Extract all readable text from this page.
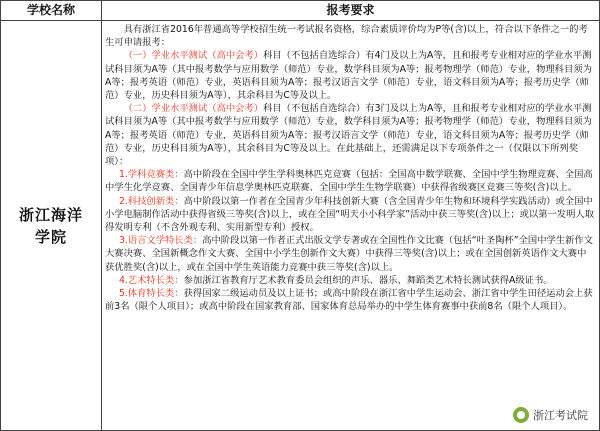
学校名称	报考要求
浙江海洋学院

具有浙江省2016年普通高等学校招生统一考试报名资格，综合素质评价均为P等(含)以上，符合以下条件之一的考生可申请报考：

（一）学业水平测试（高中会考）科目（不包括自选综合）有4门及以上为A等，且和报考专业相对应的学业水平测试科目须为A等（其中报考数学与应用数学（师范）专业，数学科目须为A等；报考物理学（师范）专业，物理科目须为A等；报考英语（师范）专业，英语科目须为A等；报考汉语言文学（师范）专业，语文科目须为A等；报考历史学（师范）专业，历史科目须为A等），其余科目为C等及以上。

（二）学业水平测试（高中会考）科目（不包括自选综合）有3门及以上为A等，且和报考专业相对应的学业水平测试科目须为A等（其中报考数学与应用数学（师范）专业，数学科目须为A等；报考物理学（师范）专业，物理科目须为A等；报考英语（师范）专业，英语科目须为A等；报考汉语言文学（师范）专业，语文科目须为A等；报考历史学（师范）专业，历史科目须为A等），其余科目为C等及以上。在此基础上，还需满足以下专项条件之一（仅限以下所列奖项）：

1.学科竞赛类：高中阶段在全国中学生学科奥林匹克竞赛（包括：全国高中数学联赛、全国中学生物理竞赛、全国高中学生化学竞赛、全国青少年信息学奥林匹克联赛、全国中学生生物学联赛）中获得省级赛区竞赛三等奖(含)以上。

2.科技创新类：高中阶段以第一作者在全国青少年科技创新大赛（含全国青少年生物和环境科学实践活动）或全国中小学电脑制作活动中获得省级三等奖(含)以上，或在全国“明天小小科学家”活动中获三等奖(含)以上；或以第一发明人取得发明专利（不含外观专利、实用新型专利）授权。

3.语言文学特长类：高中阶段以第一作者正式出版文学专著或在全国性作文比赛（包括“叶圣陶杯”全国中学生新作文大赛决赛、全国新概念作文大赛、全国中小学生创新作文大赛）中获得三等奖(含)以上；或在全国创新英语作文大赛中获优胜奖(含)以上，或在全国中学生英语能力竞赛中获三等奖(含)以上。

4.艺术特长类：参加浙江省教育厅艺术教育委员会组织的声乐、器乐、舞蹈类艺术特长测试获得A级证书。

5.体育特长类：获得国家二级运动员及以上证书；或高中阶段在浙江省中学生运动会、浙江省中学生田径运动会上获前3名（限个人项目）；或高中阶段在国家教育部、国家体育总局举办的中学生体育赛事中获前8名（限个人项目）。

浙江考试院
